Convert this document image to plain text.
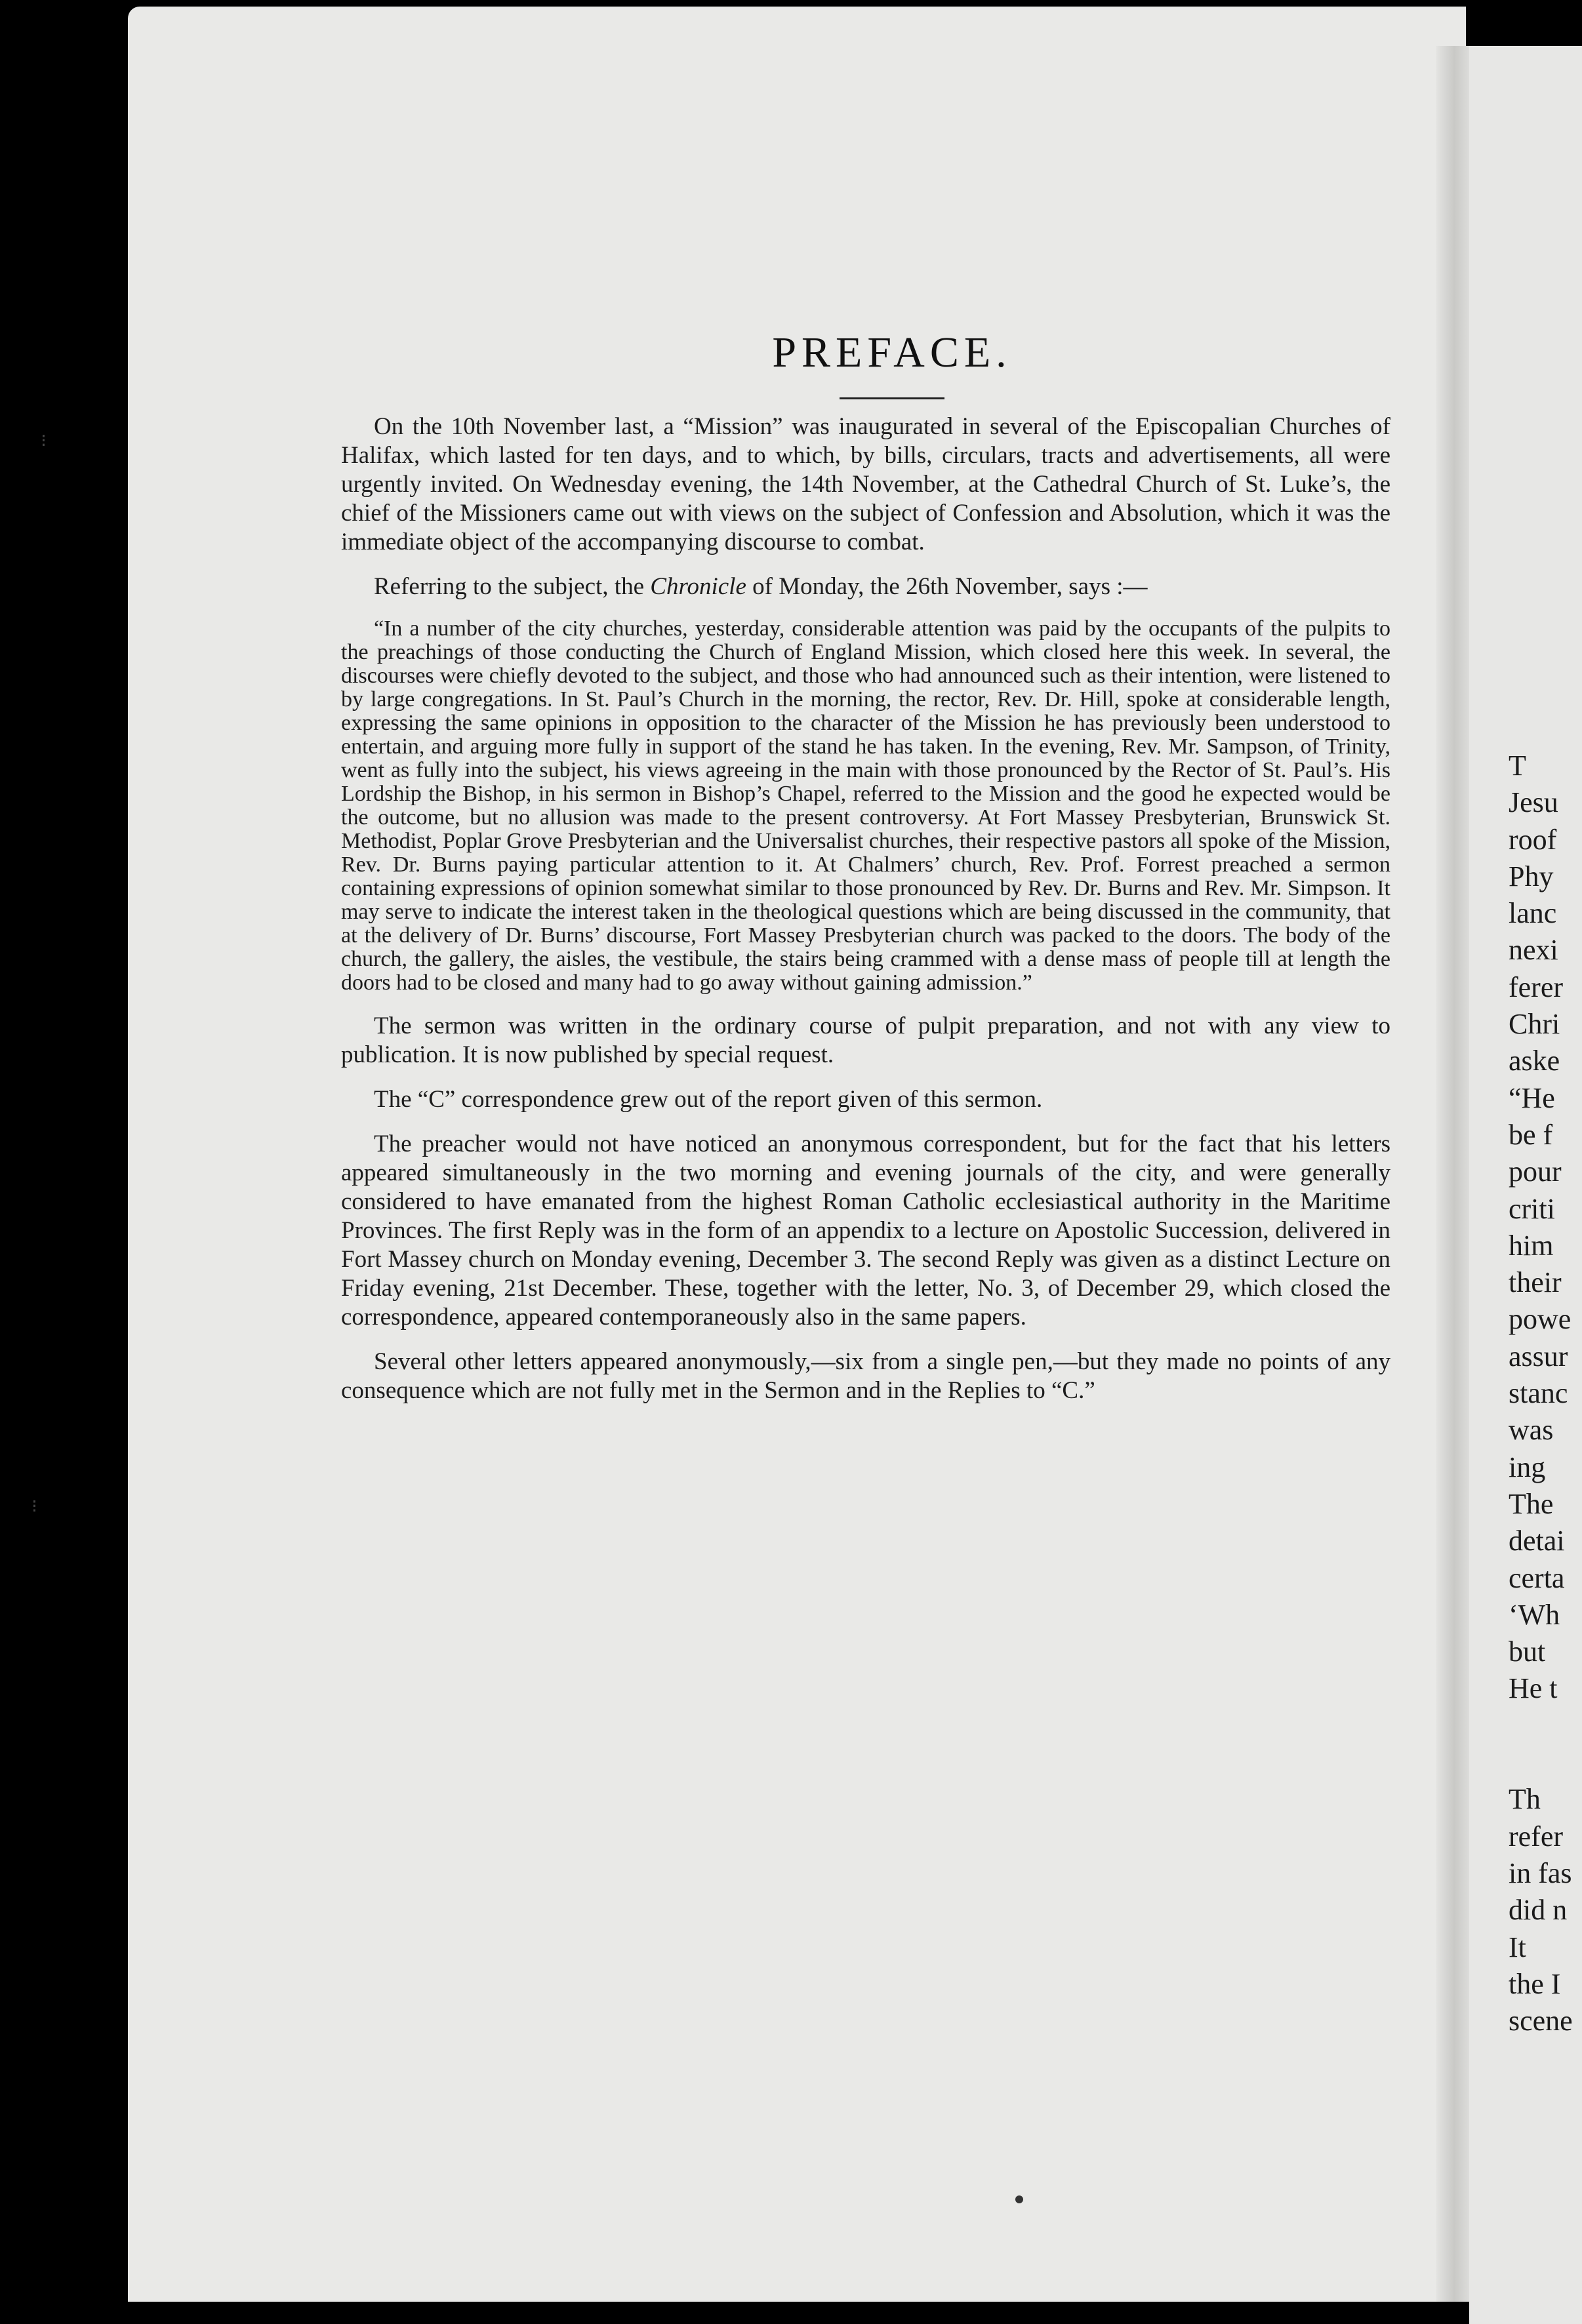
⁝
⁝
PREFACE.

On the 10th November last, a “Mission” was inaugurated in several of the Episcopalian Churches of Halifax, which lasted for ten days, and to which, by bills, circulars, tracts and advertisements, all were urgently invited. On Wednesday evening, the 14th November, at the Cathedral Church of St. Luke’s, the chief of the Missioners came out with views on the subject of Confession and Absolution, which it was the immediate object of the accompanying discourse to combat.

Referring to the subject, the Chronicle of Monday, the 26th November, says :—

“In a number of the city churches, yesterday, considerable attention was paid by the occupants of the pulpits to the preachings of those conducting the Church of England Mission, which closed here this week. In several, the discourses were chiefly devoted to the subject, and those who had announced such as their intention, were listened to by large congregations. In St. Paul’s Church in the morning, the rector, Rev. Dr. Hill, spoke at considerable length, expressing the same opinions in opposition to the character of the Mission he has previously been understood to entertain, and arguing more fully in support of the stand he has taken. In the evening, Rev. Mr. Sampson, of Trinity, went as fully into the subject, his views agreeing in the main with those pronounced by the Rector of St. Paul’s. His Lordship the Bishop, in his sermon in Bishop’s Chapel, referred to the Mission and the good he expected would be the outcome, but no allusion was made to the present controversy. At Fort Massey Presbyterian, Brunswick St. Methodist, Poplar Grove Presbyterian and the Universalist churches, their respective pastors all spoke of the Mission, Rev. Dr. Burns paying particular attention to it. At Chalmers’ church, Rev. Prof. Forrest preached a sermon containing expressions of opinion somewhat similar to those pronounced by Rev. Dr. Burns and Rev. Mr. Simpson. It may serve to indicate the interest taken in the theological questions which are being discussed in the community, that at the delivery of Dr. Burns’ discourse, Fort Massey Presbyterian church was packed to the doors. The body of the church, the gallery, the aisles, the vestibule, the stairs being crammed with a dense mass of people till at length the doors had to be closed and many had to go away without gaining admission.”

The sermon was written in the ordinary course of pulpit preparation, and not with any view to publication. It is now published by special request.

The “C” correspondence grew out of the report given of this sermon.

The preacher would not have noticed an anonymous correspondent, but for the fact that his letters appeared simultaneously in the two morning and evening journals of the city, and were generally considered to have emanated from the highest Roman Catholic ecclesiastical authority in the Maritime Provinces. The first Reply was in the form of an appendix to a lecture on Apostolic Succession, delivered in Fort Massey church on Monday evening, December 3. The second Reply was given as a distinct Lecture on Friday evening, 21st December. These, together with the letter, No. 3, of December 29, which closed the correspondence, appeared contemporaneously also in the same papers.

Several other letters appeared anonymously,—six from a single pen,—but they made no points of any consequence which are not fully met in the Sermon and in the Replies to “C.”

T
Jesu
roof
Phy
lanc
nexi
ferer
Chri
aske
“He
be f
pour
criti
him
their
powe
assur
stanc
was
ing
The
detai
certa
‘Wh
but
He t
Th
refer
in fas
did n
It
the I
scene
